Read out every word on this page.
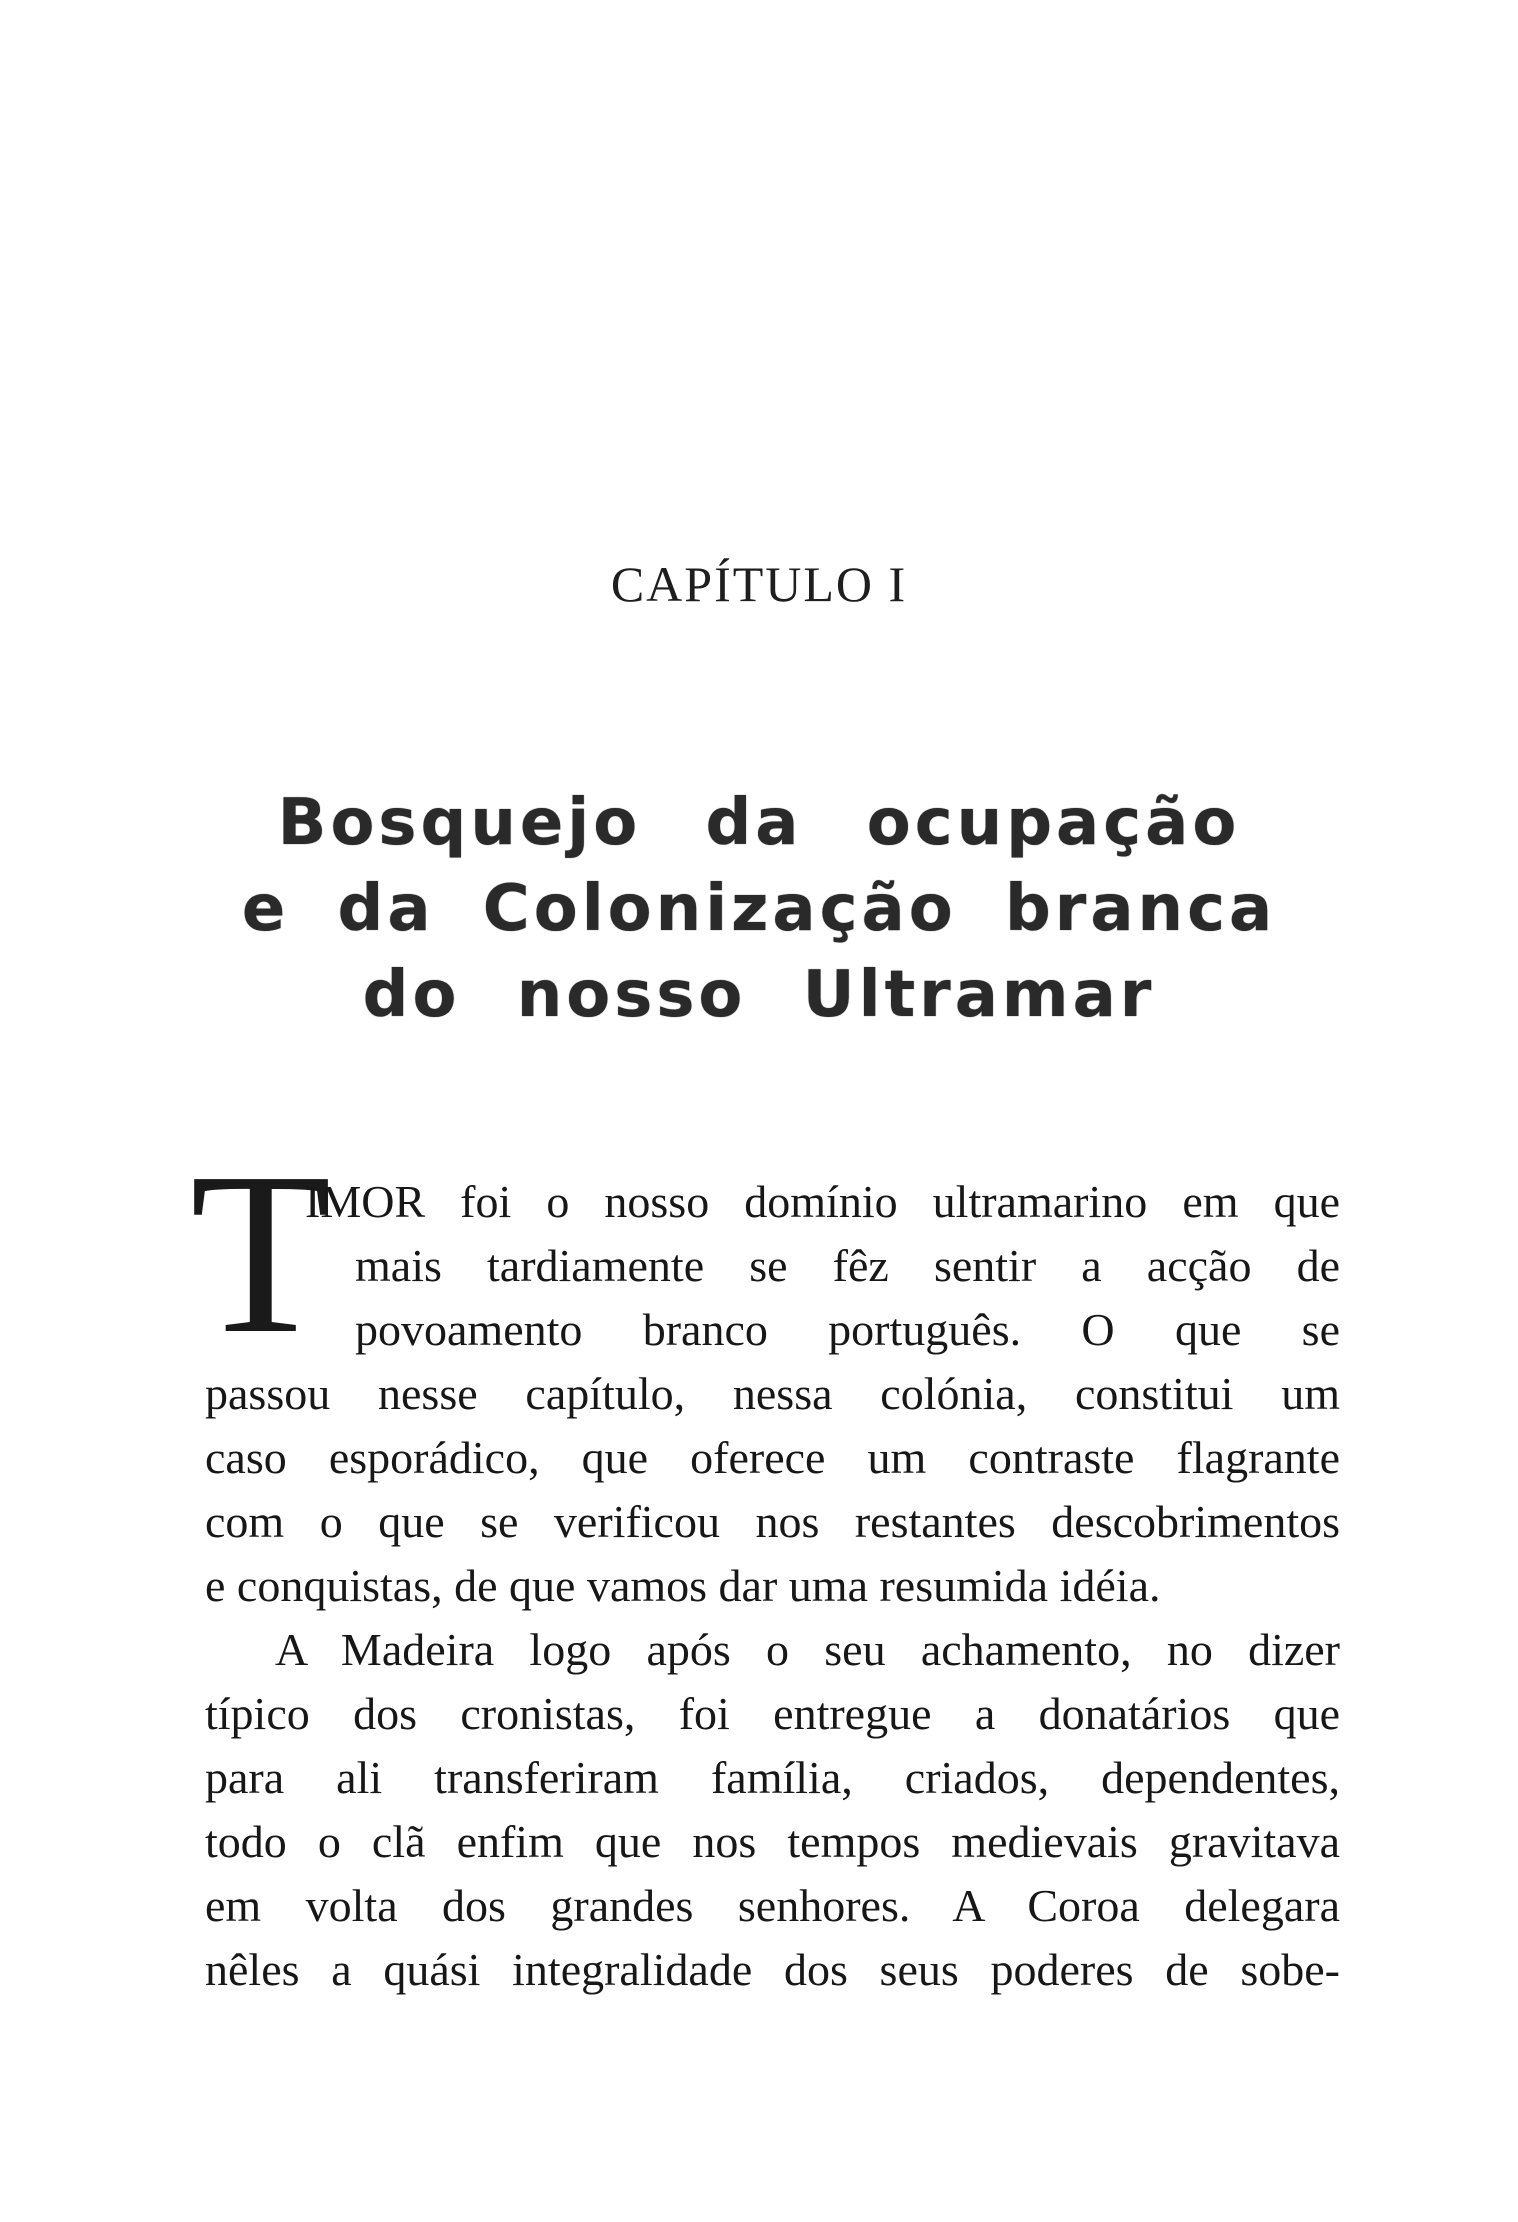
CAPÍTULO I
Bosquejo da ocupação
e da Colonização branca
do nosso Ultramar
T
IMOR foi o nosso domínio ultramarino em que
mais tardiamente se fêz sentir a acção de
povoamento branco português. O que se
passou nesse capítulo, nessa colónia, constitui um
caso esporádico, que oferece um contraste flagrante
com o que se verificou nos restantes descobrimentos
e conquistas, de que vamos dar uma resumida idéia.
A Madeira logo após o seu achamento, no dizer
típico dos cronistas, foi entregue a donatários que
para ali transferiram família, criados, dependentes,
todo o clã enfim que nos tempos medievais gravitava
em volta dos grandes senhores. A Coroa delegara
nêles a quási integralidade dos seus poderes de sobe-
